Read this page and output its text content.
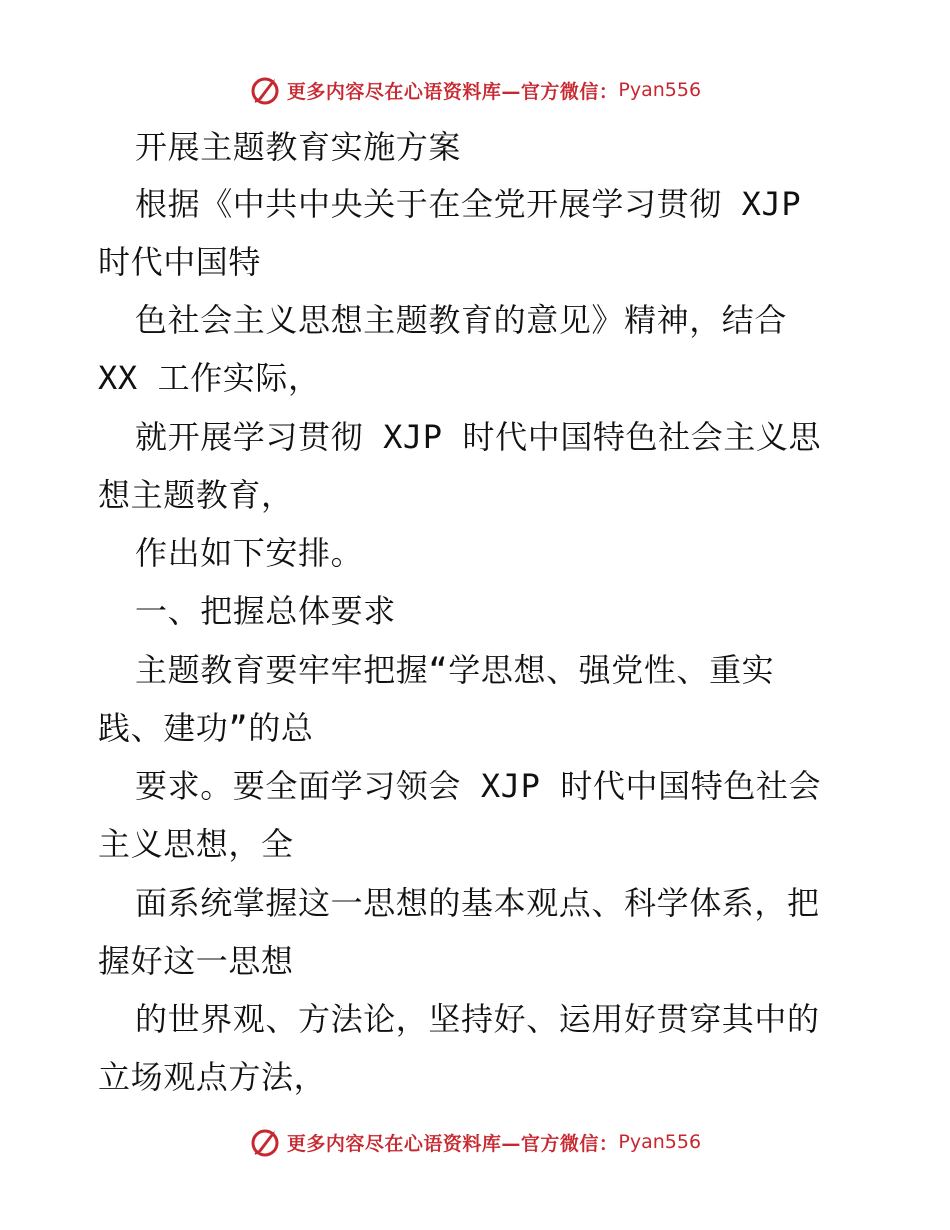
更多内容尽在心语资料库—官方微信： Pyan556
开展主题教育实施方案
根据《中共中央关于在全党开展学习贯彻 XJP
时代中国特
色社会主义思想主题教育的意见》精神，结合
XX 工作实际，
就开展学习贯彻 XJP 时代中国特色社会主义思
想主题教育，
作出如下安排。
一、把握总体要求
主题教育要牢牢把握“学思想、强党性、重实
践、建功”的总
要求。要全面学习领会 XJP 时代中国特色社会
主义思想，全
面系统掌握这一思想的基本观点、科学体系，把
握好这一思想
的世界观、方法论，坚持好、运用好贯穿其中的
立场观点方法，
更多内容尽在心语资料库—官方微信： Pyan556
